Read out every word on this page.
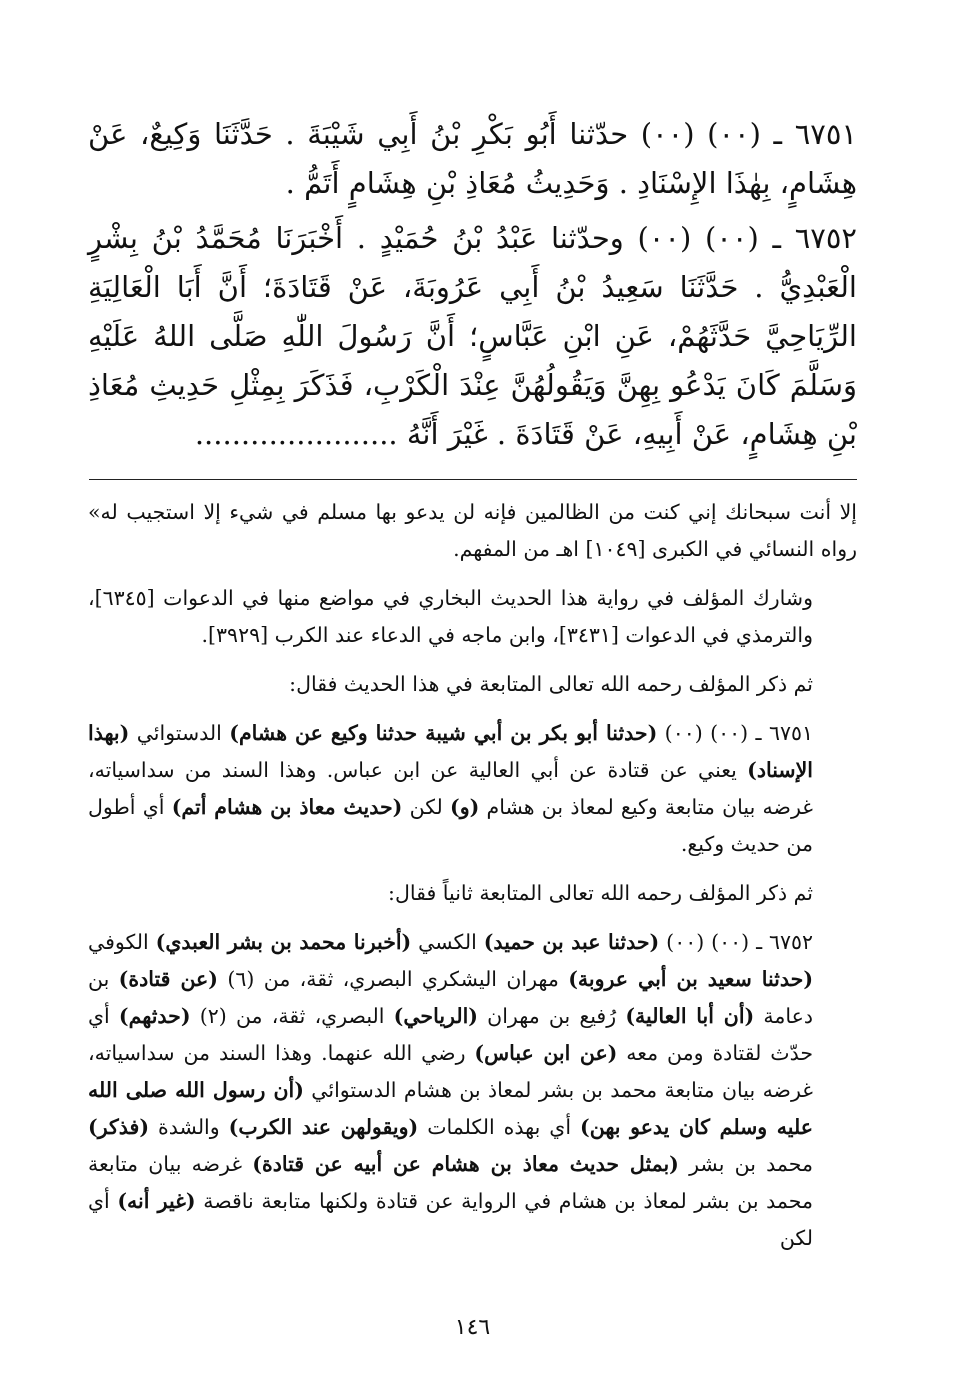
٦٧٥١ ـ (٠٠) (٠٠) حدّثنا أَبُو بَكْرِ بْنُ أَبِي شَيْبَةَ . حَدَّثَنَا وَكِيعٌ، عَنْ هِشَامٍ، بِهٰذَا الإِسْنَادِ . وَحَدِيثُ مُعَاذِ بْنِ هِشَامٍ أَتَمُّ .

٦٧٥٢ ـ (٠٠) (٠٠) وحدّثنا عَبْدُ بْنُ حُمَيْدٍ . أَخْبَرَنَا مُحَمَّدُ بْنُ بِشْرٍ الْعَبْدِيُّ . حَدَّثَنَا سَعِيدُ بْنُ أَبِي عَرُوبَةَ، عَنْ قَتَادَةَ؛ أَنَّ أَبَا الْعَالِيَةِ الرِّيَاحِيَّ حَدَّثَهُمْ، عَنِ ابْنِ عَبَّاسٍ؛ أَنَّ رَسُولَ اللّٰهِ صَلَّى اللهُ عَلَيْهِ وَسَلَّمَ كَانَ يَدْعُو بِهِنَّ وَيَقُولُهُنَّ عِنْدَ الْكَرْبِ، فَذَكَرَ بِمِثْلِ حَدِيثِ مُعَاذِ بْنِ هِشَامٍ، عَنْ أَبِيهِ، عَنْ قَتَادَةَ . غَيْرَ أَنَّهُ ......................

إلا أنت سبحانك إني كنت من الظالمين فإنه لن يدعو بها مسلم في شيء إلا استجيب له» رواه النسائي في الكبرى [١٠٤٩] اهـ من المفهم.

وشارك المؤلف في رواية هذا الحديث البخاري في مواضع منها في الدعوات [٦٣٤٥]، والترمذي في الدعوات [٣٤٣١]، وابن ماجه في الدعاء عند الكرب [٣٩٢٩].

ثم ذكر المؤلف رحمه الله تعالى المتابعة في هذا الحديث فقال:

٦٧٥١ ـ (٠٠) (٠٠) (حدثنا أبو بكر بن أبي شيبة حدثنا وكيع عن هشام) الدستوائي (بهذا الإسناد) يعني عن قتادة عن أبي العالية عن ابن عباس. وهذا السند من سداسياته، غرضه بيان متابعة وكيع لمعاذ بن هشام (و) لكن (حديث معاذ بن هشام أتم) أي أطول من حديث وكيع.

ثم ذكر المؤلف رحمه الله تعالى المتابعة ثانياً فقال:

٦٧٥٢ ـ (٠٠) (٠٠) (حدثنا عبد بن حميد) الكسي (أخبرنا محمد بن بشر العبدي) الكوفي (حدثنا سعيد بن أبي عروبة) مهران اليشكري البصري، ثقة، من (٦) (عن قتادة) بن دعامة (أن أبا العالية) رُفيع بن مهران (الرياحي) البصري، ثقة، من (٢) (حدثهم) أي حدّث لقتادة ومن معه (عن ابن عباس) رضي الله عنهما. وهذا السند من سداسياته، غرضه بيان متابعة محمد بن بشر لمعاذ بن هشام الدستوائي (أن رسول الله صلى الله عليه وسلم كان يدعو بهن) أي بهذه الكلمات (ويقولهن عند الكرب) والشدة (فذكر) محمد بن بشر (بمثل حديث معاذ بن هشام عن أبيه عن قتادة) غرضه بيان متابعة محمد بن بشر لمعاذ بن هشام في الرواية عن قتادة ولكنها متابعة ناقصة (غير أنه) أي لكن

١٤٦
